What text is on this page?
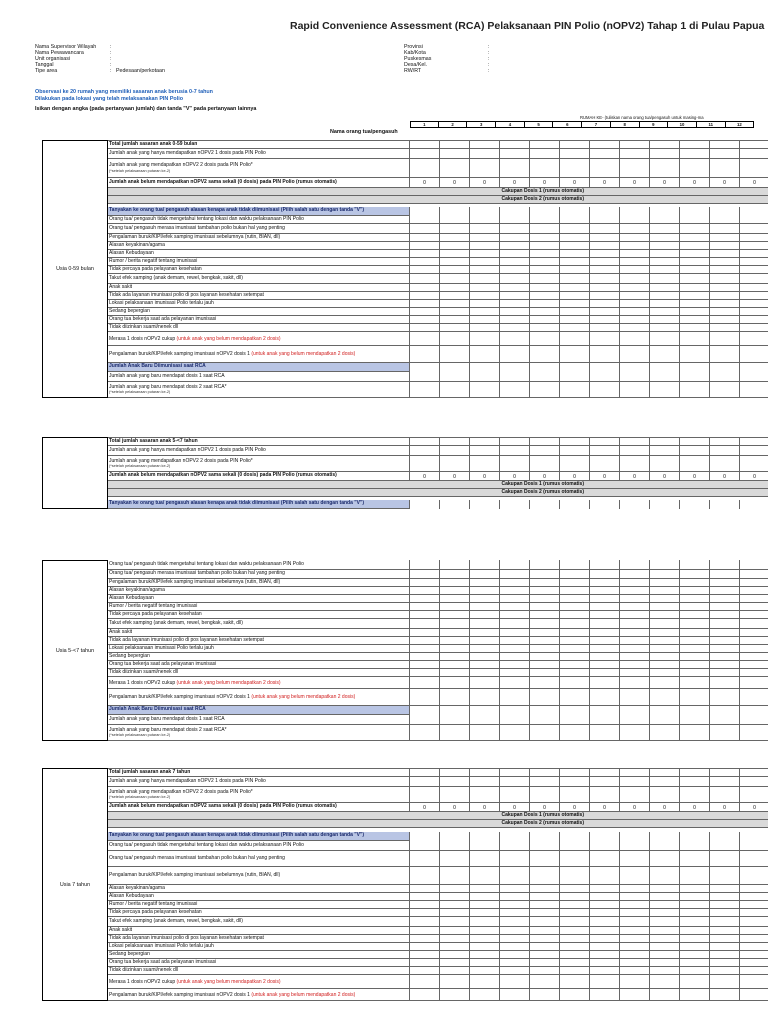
Rapid Convenience Assessment (RCA) Pelaksanaan PIN Polio (nOPV2) Tahap 1 di Pulau Papua
Nama Supervisor Wilayah	:
Nama Pewawancara	:
Unit organisasi	:
Tanggal	:
Tipe area	: Pedesaan/perkotaan
Provinsi	:
Kab/Kota	:
Puskesmas	:
Desa/Kel.	:
RW/RT	:
Observasi ke 20 rumah yang memiliki sasaran anak berusia 0-7 tahun
Dilakukan pada lokasi yang telah melaksanakan PIN Polio
Isikan dengan angka (pada pertanyaan jumlah) dan tanda "V" pada pertanyaan lainnya
RUMAH KE- (tuliskan nama orang tua/pengasuh untuk masing-ma
Nama orang tua/pengasuh
1	2	3	4	5	6	7	8	9	10	11	12
Total jumlah sasaran anak 0-59 bulan
Jumlah anak yang hanya mendapatkan nOPV2 1 dosis pada PIN Polio
Jumlah anak yang mendapatkan nOPV2 2 dosis pada PIN Polio*
(*setelah pelaksanaan putaran ke-2)
Jumlah anak belum mendapatkan nOPV2 sama sekali (0 dosis) pada PIN Polio (rumus otomatis)	0	0	0	0	0	0	0	0	0	0	0	0
Cakupan Dosis 1 (rumus otomatis)
Cakupan Dosis 2 (rumus otomatis)
Tanyakan ke orang tua/ pengasuh alasan kenapa anak tidak diimunisasi (Pilih salah satu dengan tanda "V")
Orang tua/ pengasuh tidak mengetahui tentang lokasi dan waktu pelaksanaan PIN Polio
Orang tua/ pengasuh merasa imunisasi tambahan polio bukan hal yang penting
Pengalaman buruk/KIPI/efek samping imunisasi sebelumnya (rutin, BIAN, dll)
Alasan keyakinan/agama
Alasan Kebudayaan
Rumor / berita negatif tentang imunisasi
Tidak percaya pada pelayanan kesehatan
Takut efek samping (anak demam, rewel, bengkak, sakit, dll)
Anak sakit
Tidak ada layanan imunisasi polio di pos layanan kesehatan setempat
Lokasi pelaksanaan imunisasi Polio terlalu jauh
Sedang bepergian
Orang tua bekerja saat ada pelayanan imunisasi
Tidak diizinkan suami/nenek dll
Merasa 1 dosis nOPV2 cukup (untuk anak yang belum mendapatkan 2 dosis)
Pengalaman buruk/KIPI/efek samping imunisasi nOPV2 dosis 1 (untuk anak yang belum mendapatkan 2 dosis)
Jumlah Anak Baru Diimunisasi saat RCA
Jumlah anak yang baru mendapat dosis 1 saat RCA
Jumlah anak yang baru mendapat dosis 2 saat RCA*
(*setelah pelaksanaan putaran ke-2)
Usia 0-59 bulan
Total jumlah sasaran anak 5-<7 tahun
Jumlah anak yang hanya mendapatkan nOPV2 1 dosis pada PIN Polio
Jumlah anak yang mendapatkan nOPV2 2 dosis pada PIN Polio*
(*setelah pelaksanaan putaran ke-2)
Jumlah anak belum mendapatkan nOPV2 sama sekali (0 dosis) pada PIN Polio (rumus otomatis)	0	0	0	0	0	0	0	0	0	0	0	0
Cakupan Dosis 1 (rumus otomatis)
Cakupan Dosis 2 (rumus otomatis)
Tanyakan ke orang tua/ pengasuh alasan kenapa anak tidak diimunisasi (Pilih salah satu dengan tanda "V")
Orang tua/ pengasuh tidak mengetahui tentang lokasi dan waktu pelaksanaan PIN Polio
Orang tua/ pengasuh merasa imunisasi tambahan polio bukan hal yang penting
Pengalaman buruk/KIPI/efek samping imunisasi sebelumnya (rutin, BIAN, dll)
Alasan keyakinan/agama
Alasan Kebudayaan
Rumor / berita negatif tentang imunisasi
Tidak percaya pada pelayanan kesehatan
Takut efek samping (anak demam, rewel, bengkak, sakit, dll)
Anak sakit
Tidak ada layanan imunisasi polio di pos layanan kesehatan setempat
Lokasi pelaksanaan imunisasi Polio terlalu jauh
Sedang bepergian
Orang tua bekerja saat ada pelayanan imunisasi
Tidak diizinkan suami/nenek dll
Merasa 1 dosis nOPV2 cukup (untuk anak yang belum mendapatkan 2 dosis)
Pengalaman buruk/KIPI/efek samping imunisasi nOPV2 dosis 1 (untuk anak yang belum mendapatkan 2 dosis)
Jumlah Anak Baru Diimunisasi saat RCA
Jumlah anak yang baru mendapat dosis 1 saat RCA
Jumlah anak yang baru mendapat dosis 2 saat RCA*
(*setelah pelaksanaan putaran ke-2)
Usia 5-<7 tahun
Total jumlah sasaran anak 7 tahun
Jumlah anak yang hanya mendapatkan nOPV2 1 dosis pada PIN Polio
Jumlah anak yang mendapatkan nOPV2 2 dosis pada PIN Polio*
(*setelah pelaksanaan putaran ke-2)
Jumlah anak belum mendapatkan nOPV2 sama sekali (0 dosis) pada PIN Polio (rumus otomatis)	0	0	0	0	0	0	0	0	0	0	0	0
Cakupan Dosis 1 (rumus otomatis)
Cakupan Dosis 2 (rumus otomatis)
Tanyakan ke orang tua/ pengasuh alasan kenapa anak tidak diimunisasi (Pilih salah satu dengan tanda "V")
Orang tua/ pengasuh tidak mengetahui tentang lokasi dan waktu pelaksanaan PIN Polio
Orang tua/ pengasuh merasa imunisasi tambahan polio bukan hal yang penting
Pengalaman buruk/KIPI/efek samping imunisasi sebelumnya (rutin, BIAN, dll)
Alasan keyakinan/agama
Alasan Kebudayaan
Rumor / berita negatif tentang imunisasi
Tidak percaya pada pelayanan kesehatan
Takut efek samping (anak demam, rewel, bengkak, sakit, dll)
Anak sakit
Tidak ada layanan imunisasi polio di pos layanan kesehatan setempat
Lokasi pelaksanaan imunisasi Polio terlalu jauh
Sedang bepergian
Orang tua bekerja saat ada pelayanan imunisasi
Tidak diizinkan suami/nenek dll
Merasa 1 dosis nOPV2 cukup (untuk anak yang belum mendapatkan 2 dosis)
Pengalaman buruk/KIPI/efek samping imunisasi nOPV2 dosis 1 (untuk anak yang belum mendapatkan 2 dosis)
Usia 7 tahun
